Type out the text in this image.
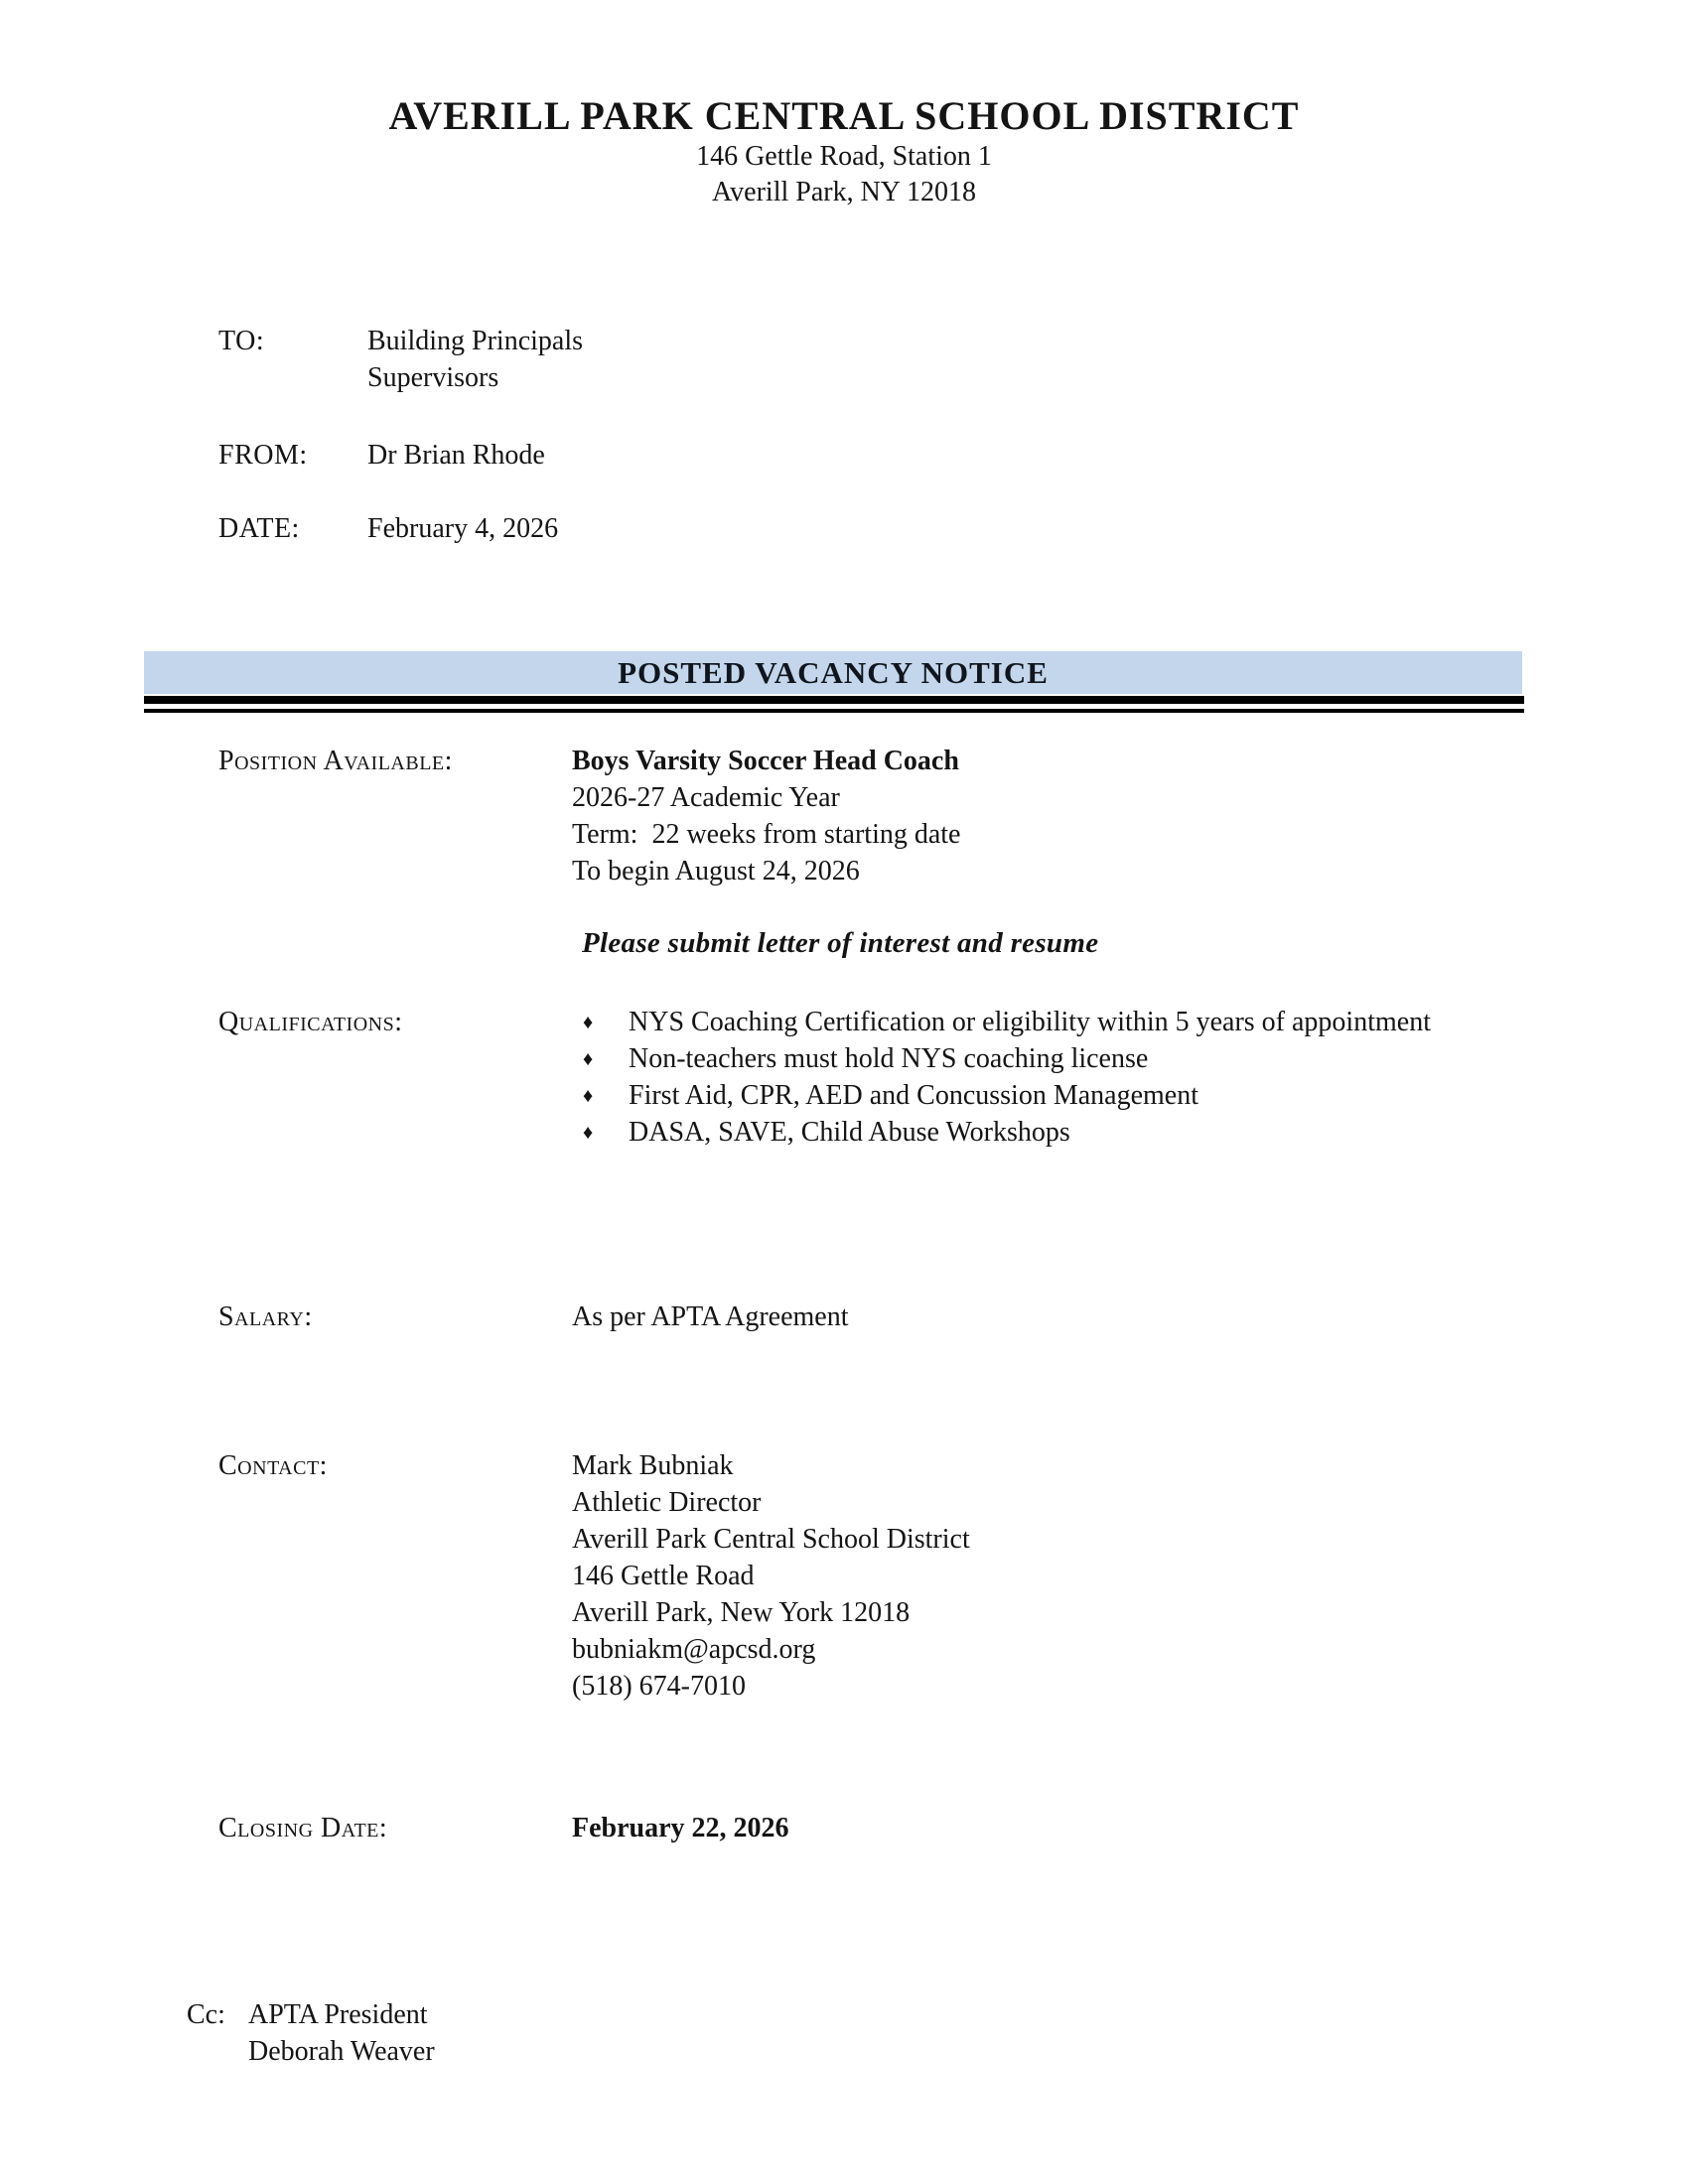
AVERILL PARK CENTRAL SCHOOL DISTRICT
146 Gettle Road, Station 1
Averill Park, NY 12018
TO:	Building Principals
Supervisors
FROM: Dr Brian Rhode
DATE: February 4, 2026
POSTED VACANCY NOTICE
Position Available:	Boys Varsity Soccer Head Coach
2026-27 Academic Year
Term:  22 weeks from starting date
To begin August 24, 2026
Please submit letter of interest and resume
Qualifications:	♦ NYS Coaching Certification or eligibility within 5 years of appointment
♦ Non-teachers must hold NYS coaching license
♦ First Aid, CPR, AED and Concussion Management
♦ DASA, SAVE, Child Abuse Workshops
Salary:	As per APTA Agreement
Contact:	Mark Bubniak
Athletic Director
Averill Park Central School District
146 Gettle Road
Averill Park, New York 12018
bubniakm@apcsd.org
(518) 674-7010
Closing Date:	February 22, 2026
Cc: APTA President
Deborah Weaver
